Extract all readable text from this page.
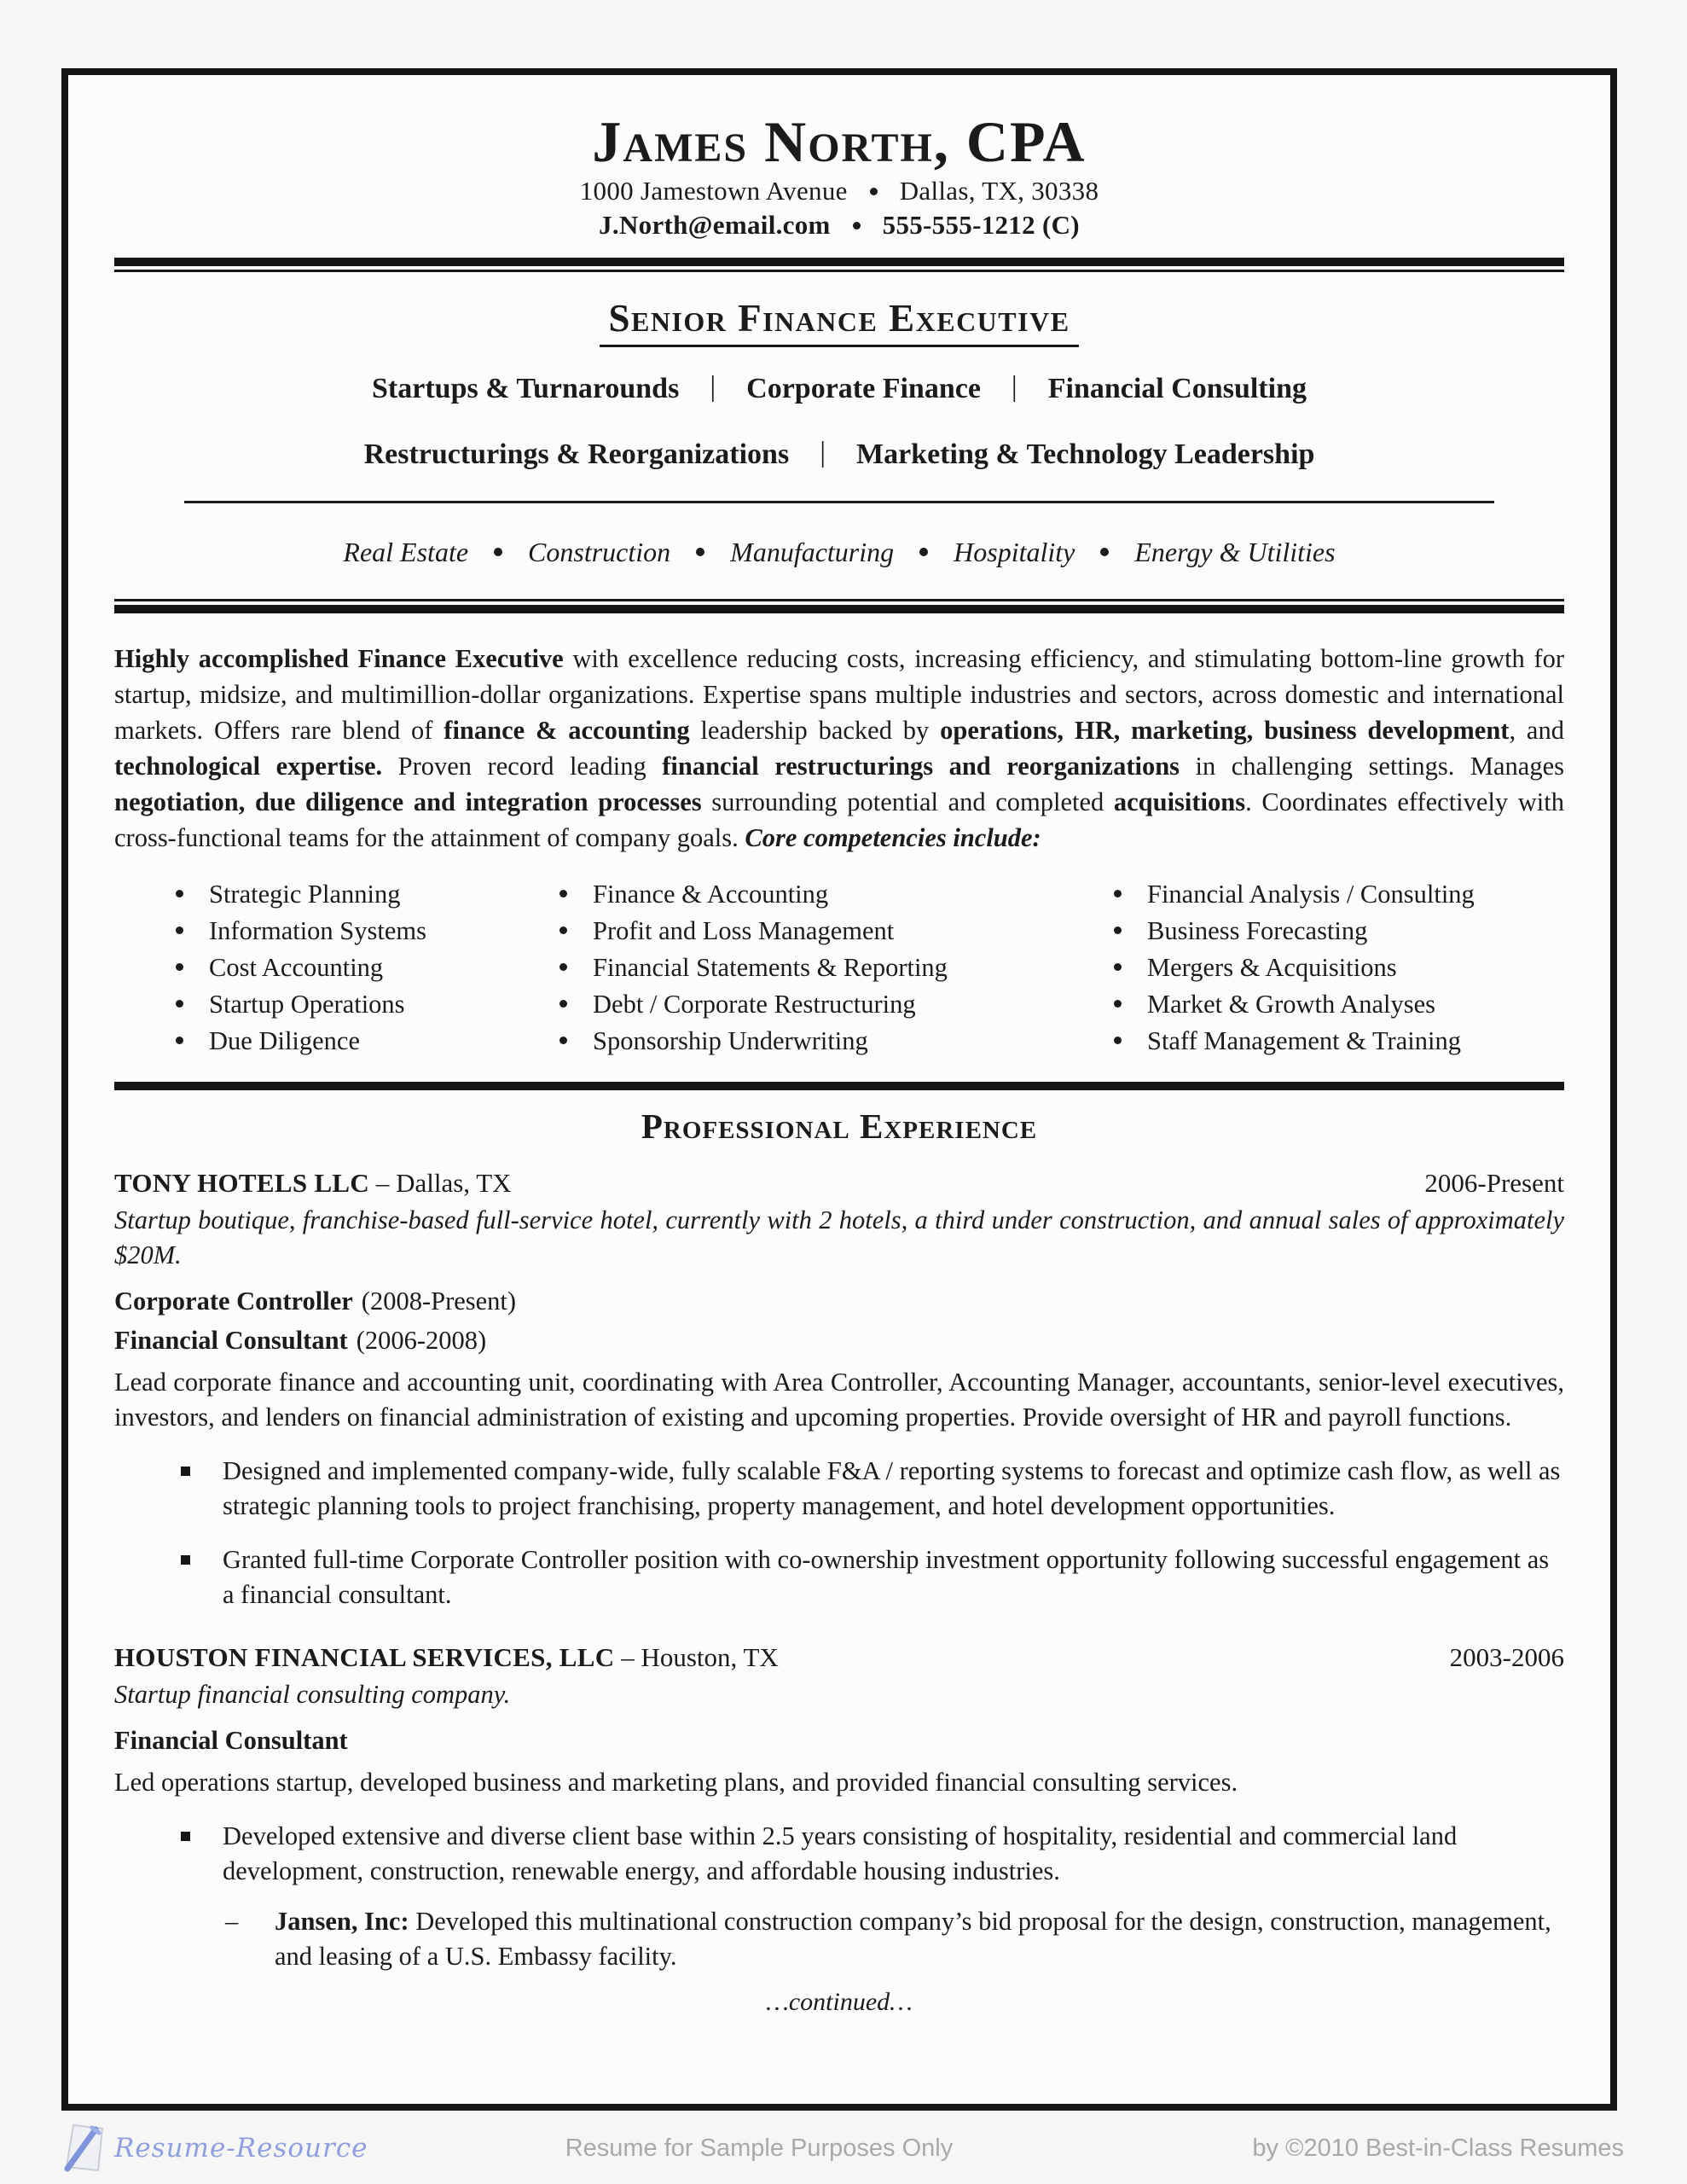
James North, CPA
1000 Jamestown Avenue Dallas, TX, 30338
J.North@email.com 555-555-1212 (C)
Senior Finance Executive
Startups & Turnarounds | Corporate Finance | Financial Consulting
Restructurings & Reorganizations | Marketing & Technology Leadership
Real Estate Construction Manufacturing Hospitality Energy & Utilities

Highly accomplished Finance Executive with excellence reducing costs, increasing efficiency, and stimulating bottom-line growth for startup, midsize, and multimillion-dollar organizations. Expertise spans multiple industries and sectors, across domestic and international markets. Offers rare blend of finance & accounting leadership backed by operations, HR, marketing, business development, and technological expertise. Proven record leading financial restructurings and reorganizations in challenging settings. Manages negotiation, due diligence and integration processes surrounding potential and completed acquisitions. Coordinates effectively with cross-functional teams for the attainment of company goals. Core competencies include:

Strategic Planning
Information Systems
Cost Accounting
Startup Operations
Due Diligence
Finance & Accounting
Profit and Loss Management
Financial Statements & Reporting
Debt / Corporate Restructuring
Sponsorship Underwriting
Financial Analysis / Consulting
Business Forecasting
Mergers & Acquisitions
Market & Growth Analyses
Staff Management & Training
Professional Experience
TONY HOTELS LLC – Dallas, TX	2006-Present

Startup boutique, franchise-based full-service hotel, currently with 2 hotels, a third under construction, and annual sales of approximately $20M.

Corporate Controller (2008-Present)
Financial Consultant (2006-2008)

Lead corporate finance and accounting unit, coordinating with Area Controller, Accounting Manager, accountants, senior-level executives, investors, and lenders on financial administration of existing and upcoming properties. Provide oversight of HR and payroll functions.

Designed and implemented company-wide, fully scalable F&A / reporting systems to forecast and optimize cash flow, as well as strategic planning tools to project franchising, property management, and hotel development opportunities.

Granted full-time Corporate Controller position with co-ownership investment opportunity following successful engagement as a financial consultant.

HOUSTON FINANCIAL SERVICES, LLC – Houston, TX	2003-2006

Startup financial consulting company.

Financial Consultant

Led operations startup, developed business and marketing plans, and provided financial consulting services.

Developed extensive and diverse client base within 2.5 years consisting of hospitality, residential and commercial land development, construction, renewable energy, and affordable housing industries.

–	Jansen, Inc: Developed this multinational construction company’s bid proposal for the design, construction, management, and leasing of a U.S. Embassy facility.

…continued…
Resume-Resource	Resume for Sample Purposes Only	by ©2010 Best-in-Class Resumes
